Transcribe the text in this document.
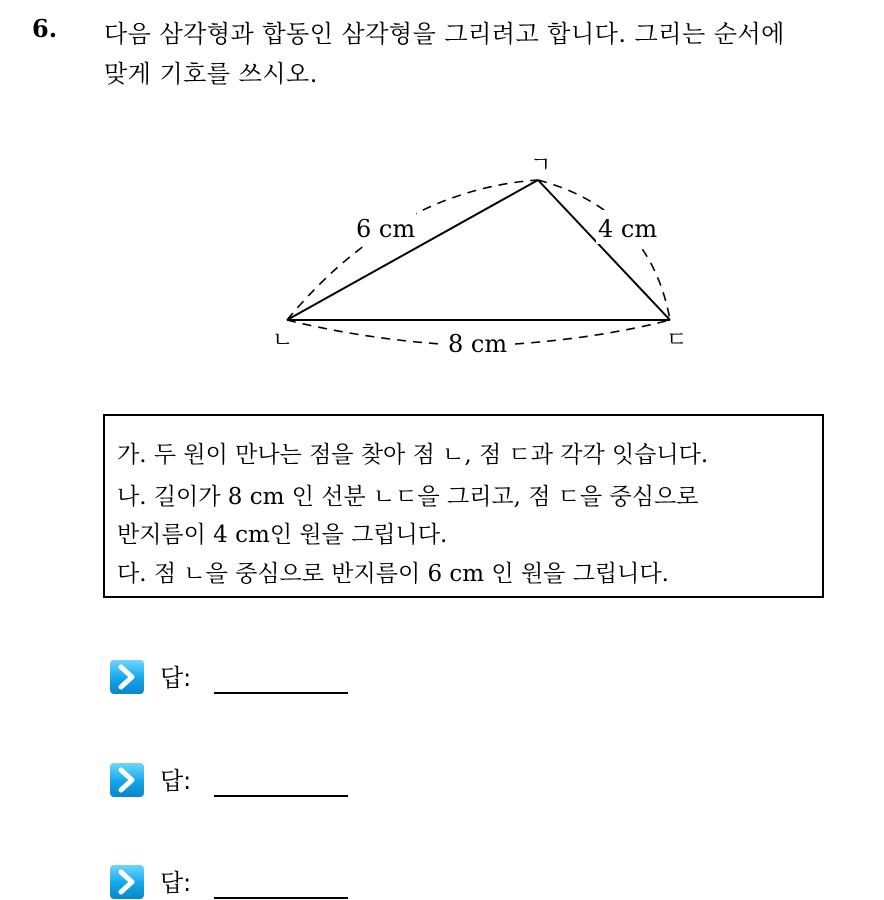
6. 다음 삼각형과 합동인 삼각형을 그리려고 합니다. 그리는 순서에
맞게 기호를 쓰시오.
ㄱ
ㄴ	ㄷ
6 cm	4 cm
8 cm
가. 두 원이 만나는 점을 찾아 점 ㄴ, 점 ㄷ과 각각 잇습니다.
나. 길이가 8 cm 인 선분 ㄴㄷ을 그리고, 점 ㄷ을 중심으로
반지름이 4 cm인 원을 그립니다.
다. 점 ㄴ을 중심으로 반지름이 6 cm 인 원을 그립니다.
답:
답:
답:
